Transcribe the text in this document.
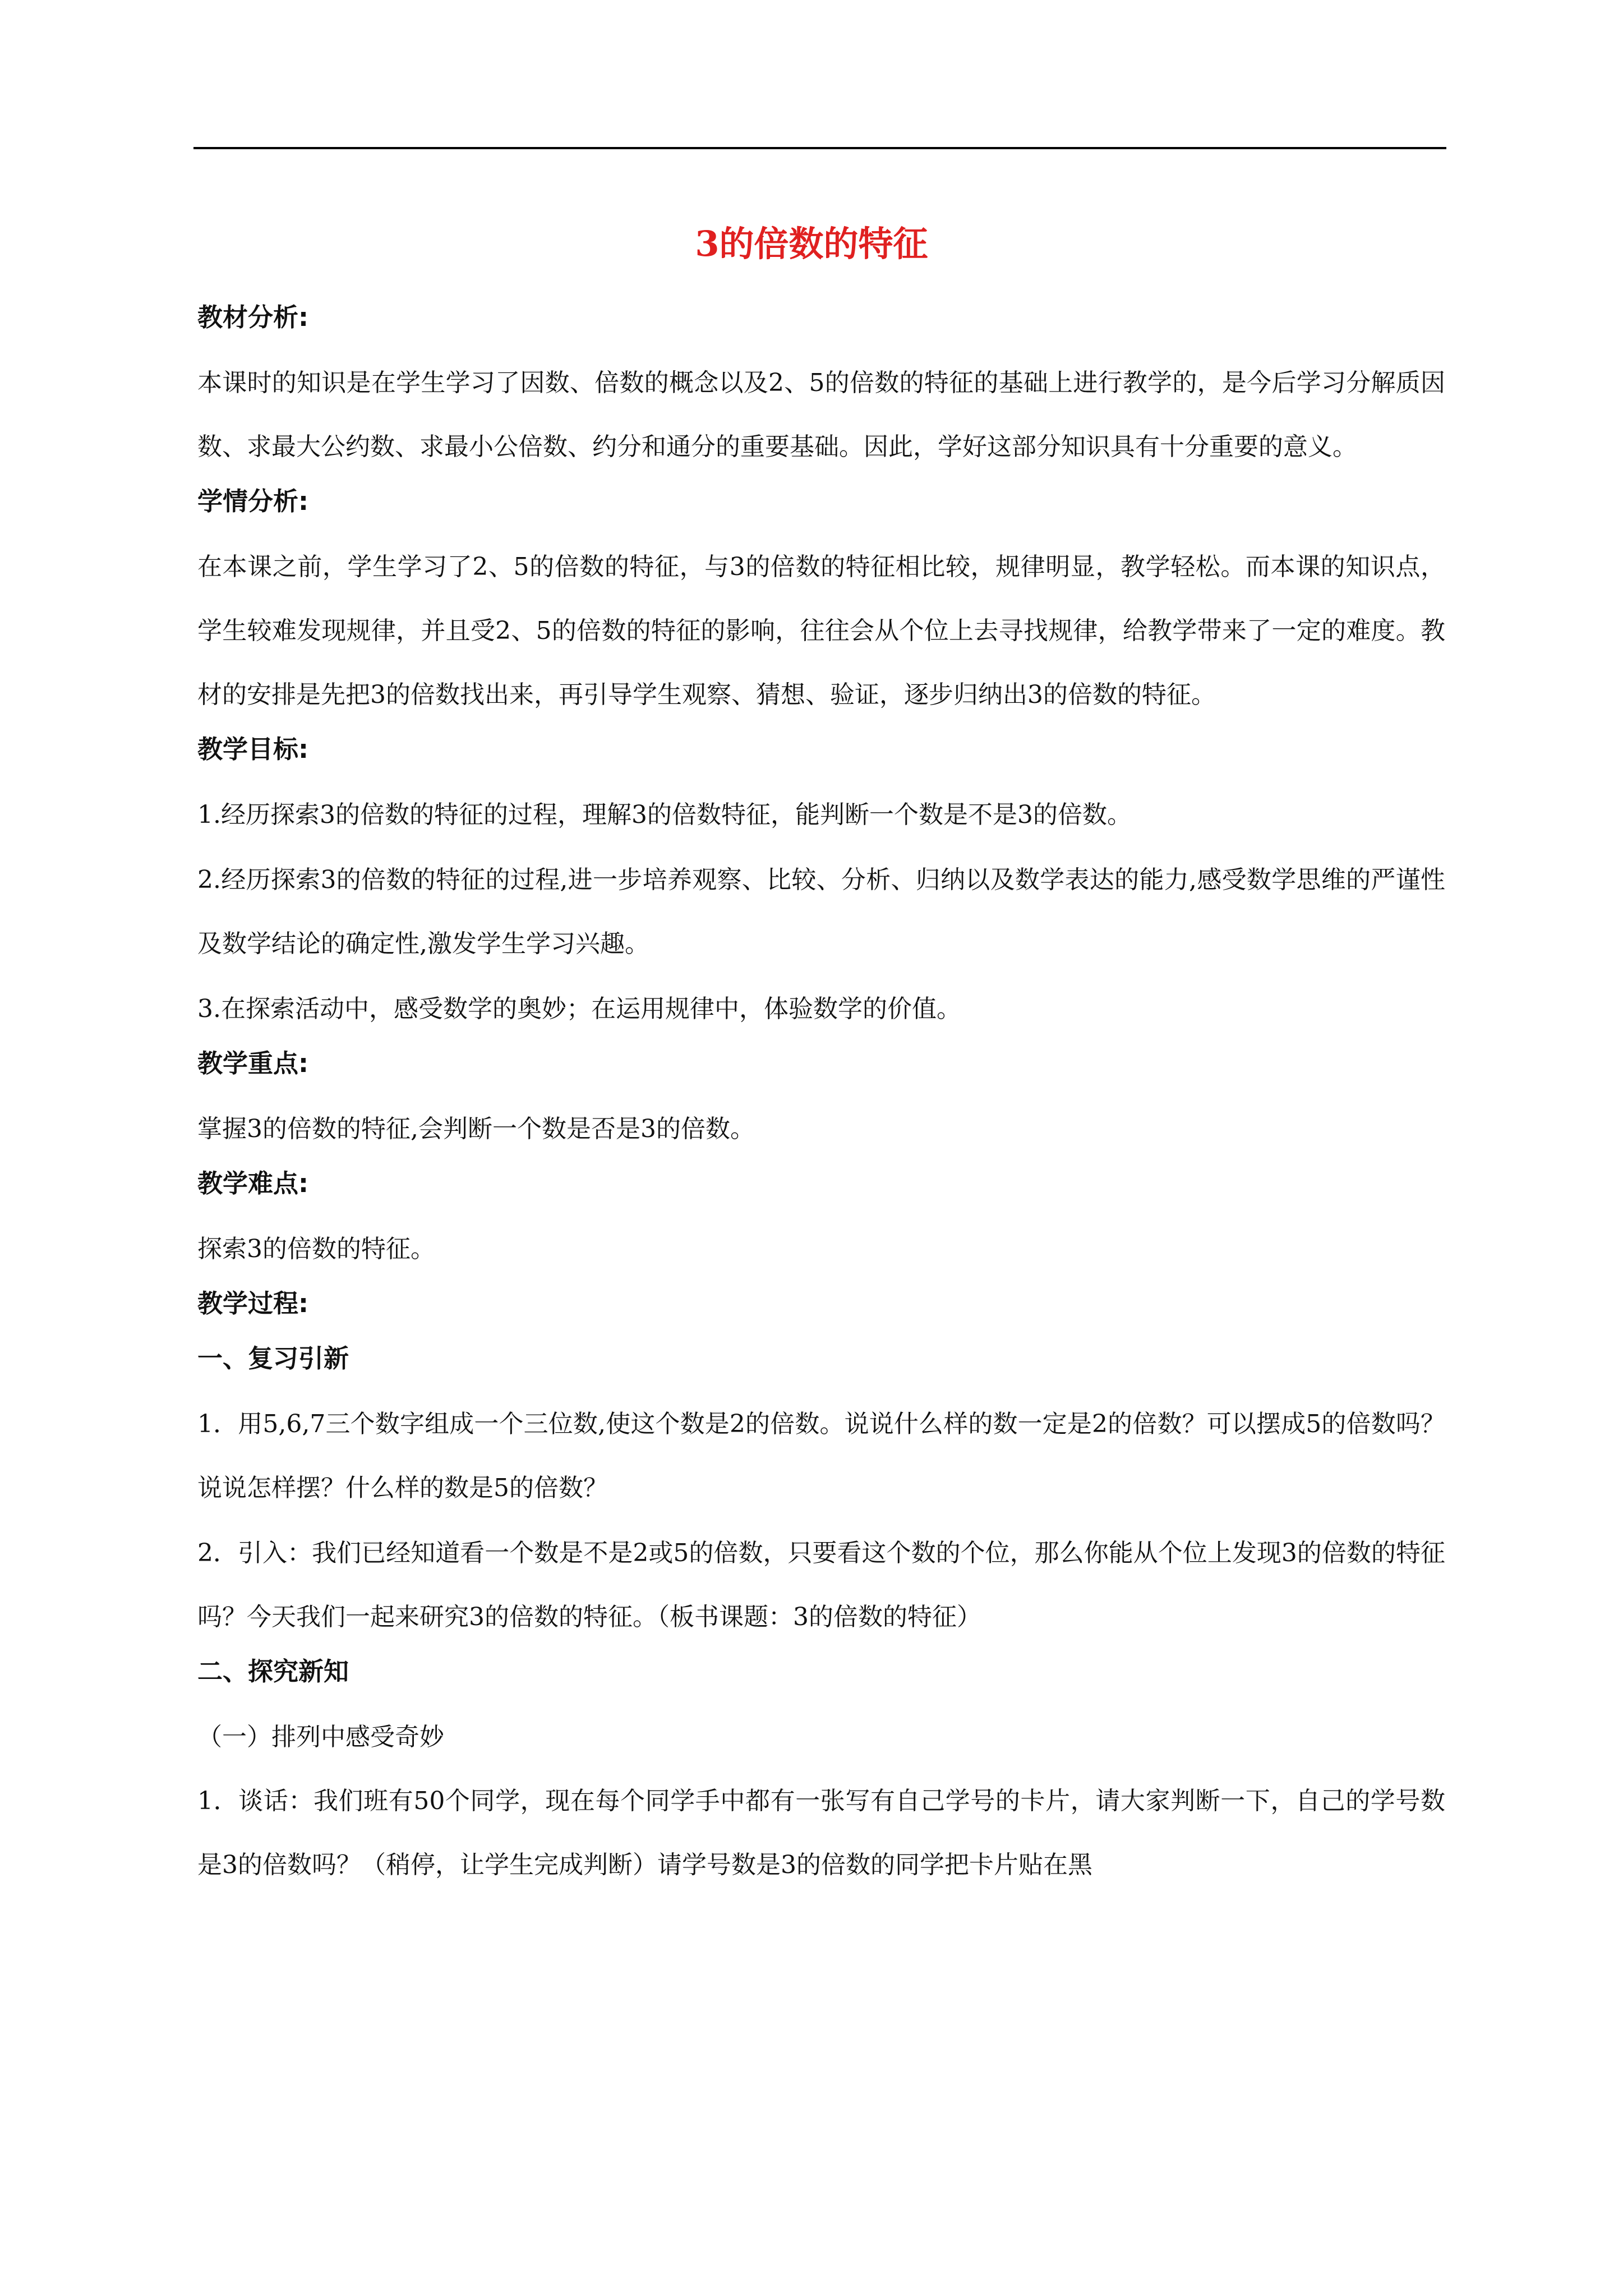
3的倍数的特征
教材分析:
本课时的知识是在学生学习了因数、倍数的概念以及2、5的倍数的特征的基础上进行教学的，是今后学习分解质因数、求最大公约数、求最小公倍数、约分和通分的重要基础。因此，学好这部分知识具有十分重要的意义。
学情分析:
在本课之前，学生学习了2、5的倍数的特征，与3的倍数的特征相比较，规律明显，教学轻松。而本课的知识点，学生较难发现规律，并且受2、5的倍数的特征的影响，往往会从个位上去寻找规律，给教学带来了一定的难度。教材的安排是先把3的倍数找出来，再引导学生观察、猜想、验证，逐步归纳出3的倍数的特征。
教学目标:
1.经历探索3的倍数的特征的过程，理解3的倍数特征，能判断一个数是不是3的倍数。
2.经历探索3的倍数的特征的过程,进一步培养观察、比较、分析、归纳以及数学表达的能力,感受数学思维的严谨性及数学结论的确定性,激发学生学习兴趣。
3.在探索活动中，感受数学的奥妙；在运用规律中，体验数学的价值。
教学重点:
掌握3的倍数的特征,会判断一个数是否是3的倍数。
教学难点:
探索3的倍数的特征。
教学过程:
一、复习引新
1．用5,6,7三个数字组成一个三位数,使这个数是2的倍数。说说什么样的数一定是2的倍数？可以摆成5的倍数吗？说说怎样摆？什么样的数是5的倍数？
2．引入：我们已经知道看一个数是不是2或5的倍数，只要看这个数的个位，那么你能从个位上发现3的倍数的特征吗？今天我们一起来研究3的倍数的特征。（板书课题：3的倍数的特征）
二、探究新知
（一）排列中感受奇妙
1．谈话：我们班有50个同学，现在每个同学手中都有一张写有自己学号的卡片，请大家判断一下，自己的学号数是3的倍数吗？（稍停，让学生完成判断）请学号数是3的倍数的同学把卡片贴在黑
